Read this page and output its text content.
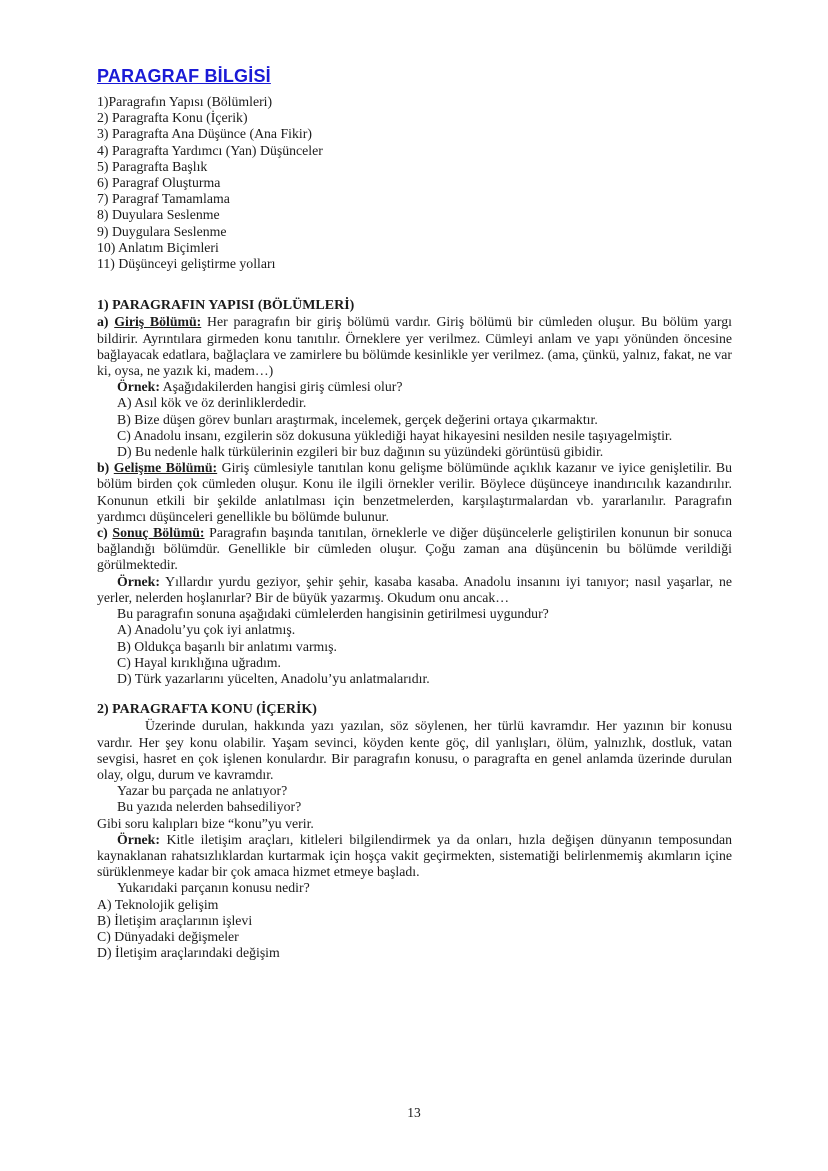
PARAGRAF BİLGİSİ
1)Paragrafın Yapısı (Bölümleri)
2) Paragrafta Konu (İçerik)
3) Paragrafta Ana Düşünce (Ana Fikir)
4) Paragrafta Yardımcı (Yan) Düşünceler
5) Paragrafta Başlık
6) Paragraf Oluşturma
7) Paragraf Tamamlama
8) Duyulara Seslenme
9) Duygulara Seslenme
10) Anlatım Biçimleri
11) Düşünceyi geliştirme yolları
1) PARAGRAFIN YAPISI (BÖLÜMLERİ)

a) Giriş Bölümü: Her paragrafın bir giriş bölümü vardır. Giriş bölümü bir cümleden oluşur. Bu bölüm yargı bildirir. Ayrıntılara girmeden konu tanıtılır. Örneklere yer verilmez. Cümleyi anlam ve yapı yönünden öncesine bağlayacak edatlara, bağlaçlara ve zamirlere bu bölümde kesinlikle yer verilmez. (ama, çünkü, yalnız, fakat, ne var ki, oysa, ne yazık ki, madem…)

Örnek: Aşağıdakilerden hangisi giriş cümlesi olur?

A) Asıl kök ve öz derinliklerdedir.
B) Bize düşen görev bunları araştırmak, incelemek, gerçek değerini ortaya çıkarmaktır.
C) Anadolu insanı, ezgilerin söz dokusuna yüklediği hayat hikayesini nesilden nesile taşıyagelmiştir.
D) Bu nedenle halk türkülerinin ezgileri bir buz dağının su yüzündeki görüntüsü gibidir.

b) Gelişme Bölümü: Giriş cümlesiyle tanıtılan konu gelişme bölümünde açıklık kazanır ve iyice genişletilir. Bu bölüm birden çok cümleden oluşur. Konu ile ilgili örnekler verilir. Böylece düşünceye inandırıcılık kazandırılır. Konunun etkili bir şekilde anlatılması için benzetmelerden, karşılaştırmalardan vb. yararlanılır. Paragrafın yardımcı düşünceleri genellikle bu bölümde bulunur.

c) Sonuç Bölümü: Paragrafın başında tanıtılan, örneklerle ve diğer düşüncelerle geliştirilen konunun bir sonuca bağlandığı bölümdür. Genellikle bir cümleden oluşur. Çoğu zaman ana düşüncenin bu bölümde verildiği görülmektedir.

Örnek: Yıllardır yurdu geziyor, şehir şehir, kasaba kasaba. Anadolu insanını iyi tanıyor; nasıl yaşarlar, ne yerler, nelerden hoşlanırlar? Bir de büyük yazarmış. Okudum onu ancak…

Bu paragrafın sonuna aşağıdaki cümlelerden hangisinin getirilmesi uygundur?

A) Anadolu’yu çok iyi anlatmış.
B) Oldukça başarılı bir anlatımı varmış.
C) Hayal kırıklığına uğradım.
D) Türk yazarlarını yücelten, Anadolu’yu anlatmalarıdır.
2) PARAGRAFTA KONU (İÇERİK)

Üzerinde durulan, hakkında yazı yazılan, söz söylenen, her türlü kavramdır. Her yazının bir konusu vardır. Her şey konu olabilir. Yaşam sevinci, köyden kente göç, dil yanlışları, ölüm, yalnızlık, dostluk, vatan sevgisi, hasret en çok işlenen konulardır. Bir paragrafın konusu, o paragrafta en genel anlamda üzerinde durulan olay, olgu, durum ve kavramdır.

Yazar bu parçada ne anlatıyor?
Bu yazıda nelerden bahsediliyor?
Gibi soru kalıpları bize “konu”yu verir.

Örnek: Kitle iletişim araçları, kitleleri bilgilendirmek ya da onları, hızla değişen dünyanın temposundan kaynaklanan rahatsızlıklardan kurtarmak için hoşça vakit geçirmekten, sistematiği belirlenmemiş akımların içine sürüklenmeye kadar bir çok amaca hizmet etmeye başladı.

Yukarıdaki parçanın konusu nedir?

A) Teknolojik gelişim
B) İletişim araçlarının işlevi
C) Dünyadaki değişmeler
D) İletişim araçlarındaki değişim
13
